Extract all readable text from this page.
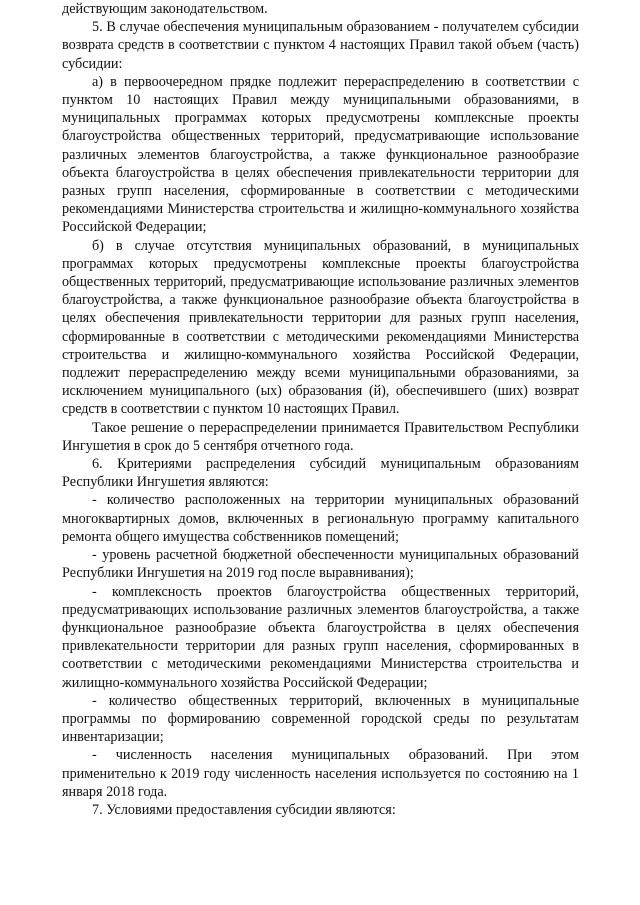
действующим законодательством.

5. В случае обеспечения муниципальным образованием - получателем субсидии возврата средств в соответствии с пунктом 4 настоящих Правил такой объем (часть) субсидии:

а) в первоочередном прядке подлежит перераспределению в соответствии с пунктом 10 настоящих Правил между муниципальными образованиями, в муниципальных программах которых предусмотрены комплексные проекты благоустройства общественных территорий, предусматривающие использование различных элементов благоустройства, а также функциональное разнообразие объекта благоустройства в целях обеспечения привлекательности территории для разных групп населения, сформированные в соответствии с методическими рекомендациями Министерства строительства и жилищно-коммунального хозяйства Российской Федерации;

б) в случае отсутствия муниципальных образований, в муниципальных программах которых предусмотрены комплексные проекты благоустройства общественных территорий, предусматривающие использование различных элементов благоустройства, а также функциональное разнообразие объекта благоустройства в целях обеспечения привлекательности территории для разных групп населения, сформированные в соответствии с методическими рекомендациями Министерства строительства и жилищно-коммунального хозяйства Российской Федерации, подлежит перераспределению между всеми муниципальными образованиями, за исключением муниципального (ых) образования (й), обеспечившего (ших) возврат средств в соответствии с пунктом 10 настоящих Правил.

Такое решение о перераспределении принимается Правительством Республики Ингушетия в срок до 5 сентября отчетного года.

6. Критериями распределения субсидий муниципальным образованиям Республики Ингушетия являются:

- количество расположенных на территории муниципальных образований многоквартирных домов, включенных в региональную программу капитального ремонта общего имущества собственников помещений;

- уровень расчетной бюджетной обеспеченности муниципальных образований Республики Ингушетия на 2019 год после выравнивания);

- комплексность проектов благоустройства общественных территорий, предусматривающих использование различных элементов благоустройства, а также функциональное разнообразие объекта благоустройства в целях обеспечения привлекательности территории для разных групп населения, сформированных в соответствии с методическими рекомендациями Министерства строительства и жилищно-коммунального хозяйства Российской Федерации;

- количество общественных территорий, включенных в муниципальные программы по формированию современной городской среды по результатам инвентаризации;

- численность населения муниципальных образований. При этом применительно к 2019 году численность населения используется по состоянию на 1 января 2018 года.

7. Условиями предоставления субсидии являются:
